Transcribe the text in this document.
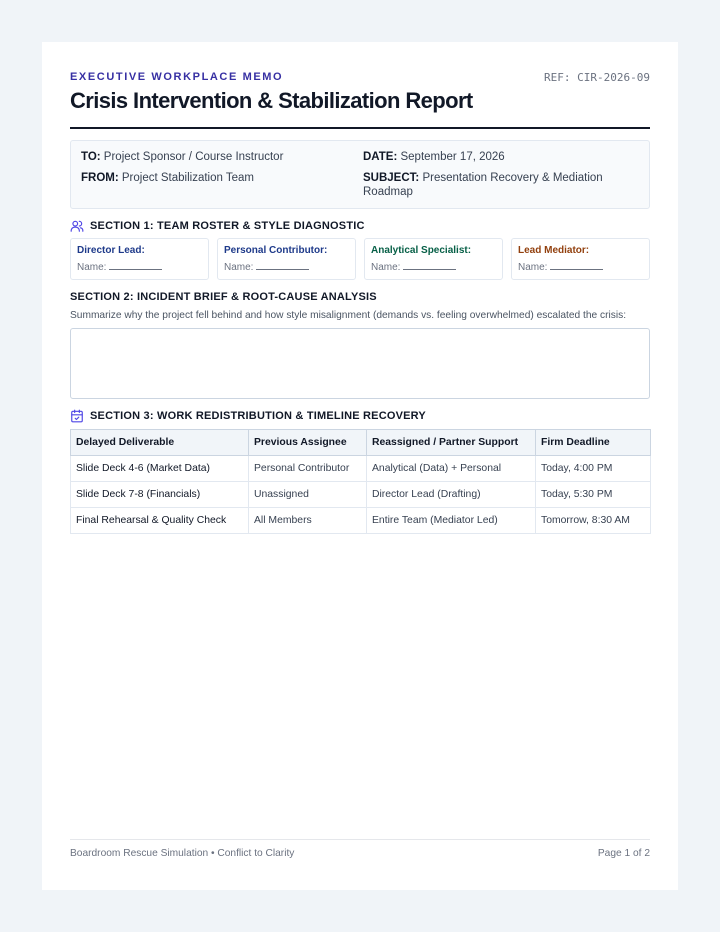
EXECUTIVE WORKPLACE MEMO	REF: CIR-2026-09
Crisis Intervention & Stabilization Report
TO: Project Sponsor / Course Instructor	DATE: September 17, 2026
FROM: Project Stabilization Team	SUBJECT: Presentation Recovery & Mediation Roadmap
SECTION 1: TEAM ROSTER & STYLE DIAGNOSTIC
Director Lead:
Name:
Personal Contributor:
Name:
Analytical Specialist:
Name:
Lead Mediator:
Name:
SECTION 2: INCIDENT BRIEF & ROOT-CAUSE ANALYSIS
Summarize why the project fell behind and how style misalignment (demands vs. feeling overwhelmed) escalated the crisis:
SECTION 3: WORK REDISTRIBUTION & TIMELINE RECOVERY
Delayed Deliverable	Previous Assignee	Reassigned / Partner Support	Firm Deadline
Slide Deck 4-6 (Market Data)	Personal Contributor	Analytical (Data) + Personal	Today, 4:00 PM
Slide Deck 7-8 (Financials)	Unassigned	Director Lead (Drafting)	Today, 5:30 PM
Final Rehearsal & Quality Check	All Members	Entire Team (Mediator Led)	Tomorrow, 8:30 AM
Boardroom Rescue Simulation • Conflict to Clarity	Page 1 of 2
